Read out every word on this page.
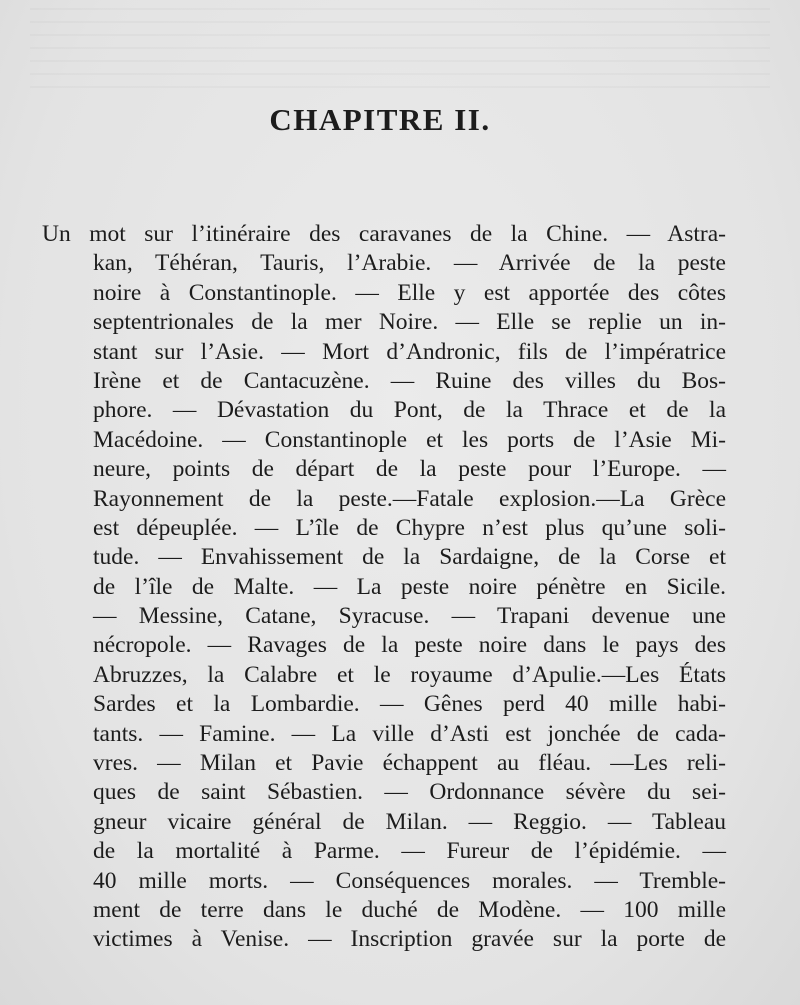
CHAPITRE II.
Un mot sur l’itinéraire des caravanes de la Chine. — Astra-
kan, Téhéran, Tauris, l’Arabie. — Arrivée de la peste
noire à Constantinople. — Elle y est apportée des côtes
septentrionales de la mer Noire. — Elle se replie un in-
stant sur l’Asie. — Mort d’Andronic, fils de l’impératrice
Irène et de Cantacuzène. — Ruine des villes du Bos-
phore. — Dévastation du Pont, de la Thrace et de la
Macédoine. — Constantinople et les ports de l’Asie Mi-
neure, points de départ de la peste pour l’Europe. —
Rayonnement de la peste.—Fatale explosion.—La Grèce
est dépeuplée. — L’île de Chypre n’est plus qu’une soli-
tude. — Envahissement de la Sardaigne, de la Corse et
de l’île de Malte. — La peste noire pénètre en Sicile.
— Messine, Catane, Syracuse. — Trapani devenue une
nécropole. — Ravages de la peste noire dans le pays des
Abruzzes, la Calabre et le royaume d’Apulie.—Les États
Sardes et la Lombardie. — Gênes perd 40 mille habi-
tants. — Famine. — La ville d’Asti est jonchée de cada-
vres. — Milan et Pavie échappent au fléau. —Les reli-
ques de saint Sébastien. — Ordonnance sévère du sei-
gneur vicaire général de Milan. — Reggio. — Tableau
de la mortalité à Parme. — Fureur de l’épidémie. —
40 mille morts. — Conséquences morales. — Tremble-
ment de terre dans le duché de Modène. — 100 mille
victimes à Venise. — Inscription gravée sur la porte de
